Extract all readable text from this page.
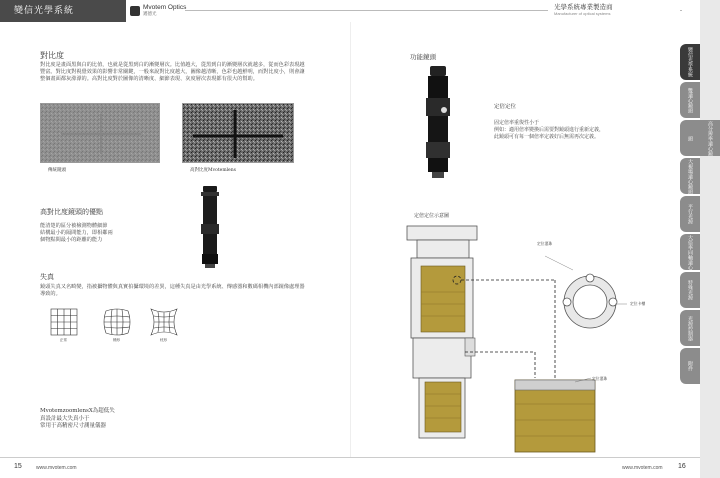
變信光學系統	Mvotem Optics
邁德光
光學系統專業製造商
Manufacturer of optical systems
對比度
對比度是畫面黑與白的比值，也就是從黑到白的漸變層次。比值越大，從黑到白的漸變層次就越多，從而色彩表現越豐富。對比度對視覺效果的影響非常關鍵，一般來說對比度越大，圖像越清晰，色彩也越鮮明，而對比度小，則會讓整個畫面都灰濛濛的。高對比度對於圖像的清晰度、細節表現、灰度層次表現都有很大的幫助。
傳統鏡頭	高對比度Mvotemlens
高對比度鏡頭的優點
能清楚的區分被檢測物體細節
結構最小的隔間能力，即相鄰兩
個物點間最小的距離的能力
失真
鏡頭失真又名畸變，指被攝物體與真實拍攝環境的差異，這種失真是由光學系統、傳感器和數碼相機內部鏡像處理器導致的。
正常	桶形	枕形
MvotemzoomlensX為超低失
真設計最大失真小于
常用于高精密尺寸測量儀器
功能鏡頭
定倍定位
固定倍率重復性小于
例如：適用倍率變換后需要對鏡頭進行重新定義，
此鏡頭可有每一個倍率定義好后無需再次定義。
定倍定位示意圖
定位滾珠
定位卡槽
定位滾珠
變信光學系統
雙遠心鏡頭
高分辨率遠心鏡頭
大視場遠心鏡頭
平行光源
大倍率同軸遠心
特殊光源
光源控制器
附件
15	www.mvotem.com	www.mvotem.com 16
